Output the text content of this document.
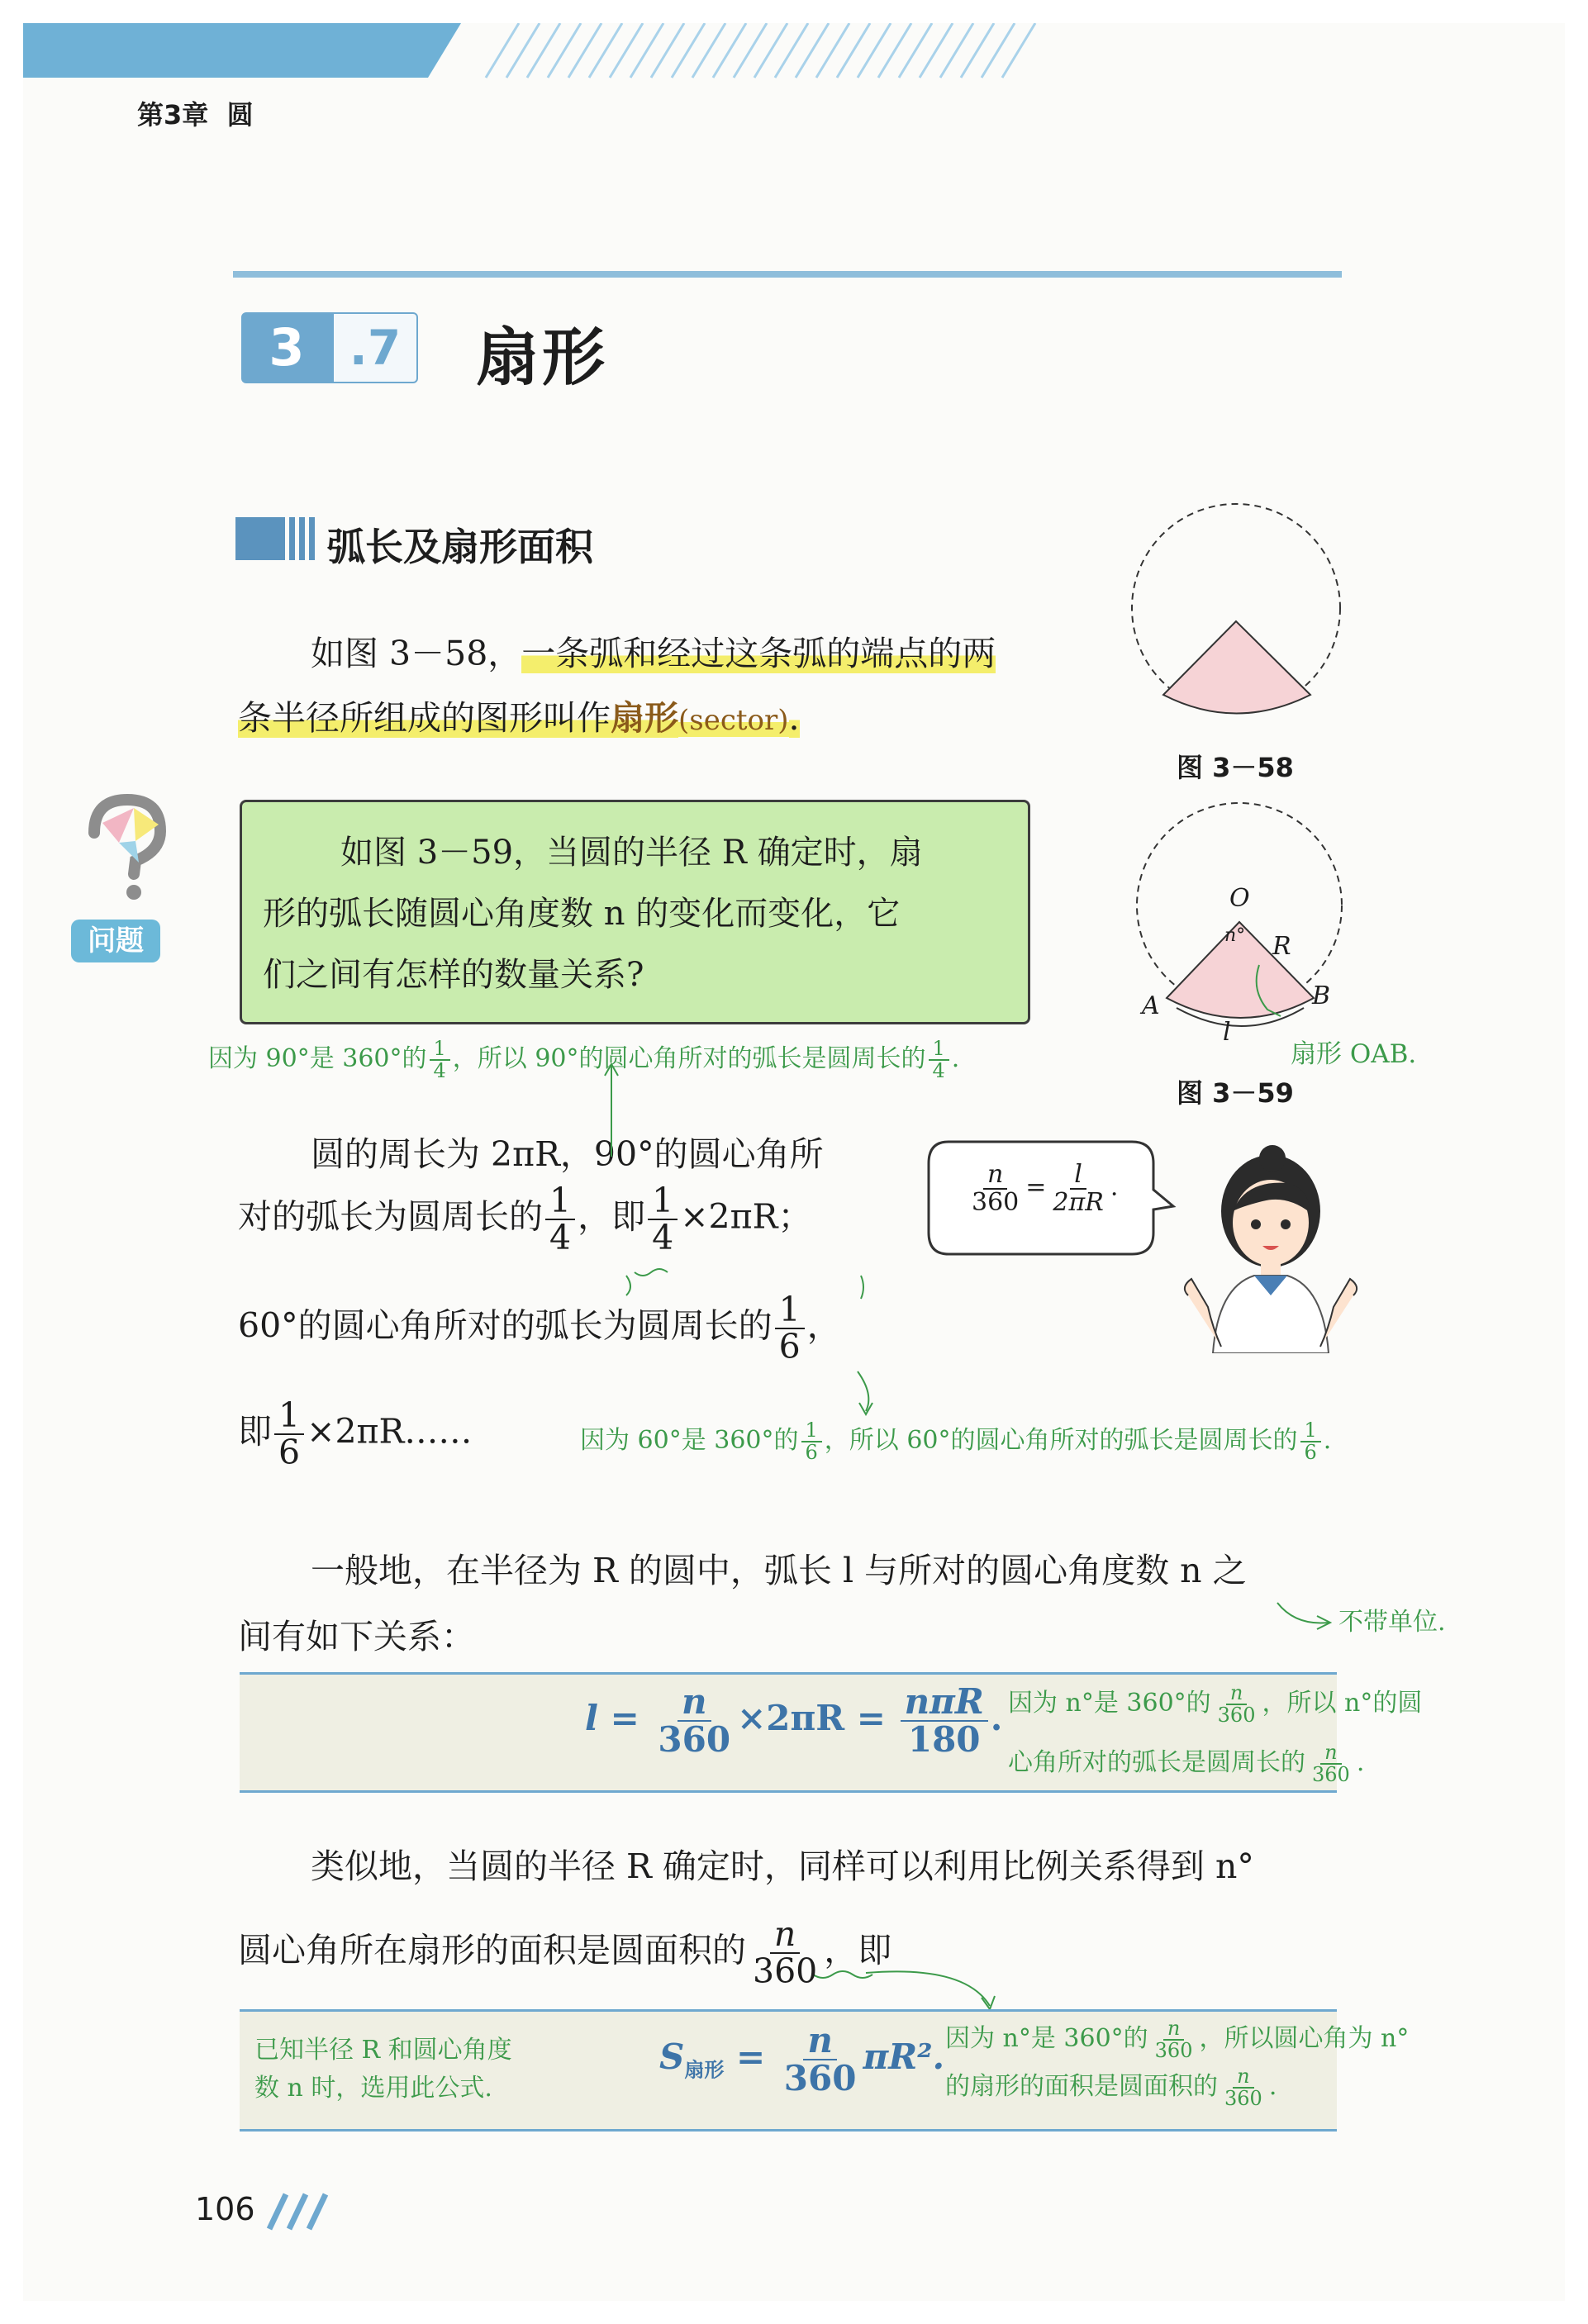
第3章 圆
3 .7 扇形
弧长及扇形面积
如图 3－58，一条弧和经过这条弧的端点的两
条半径所组成的图形叫作扇形(sector).
图 3－58
问题
如图 3－59，当圆的半径 R 确定时，扇
形的弧长随圆心角度数 n 的变化而变化，它
们之间有怎样的数量关系?
O
n° R
A	B
l
扇形 OAB.
图 3－59
因为 90°是 360°的 $\frac{1}{4}$ ，所以 90°的圆心角所对的弧长是圆周长的 $\frac{1}{4}$ .
圆的周长为 2πR，90°的圆心角所
对的弧长为圆周长的 $\frac{1}{4}$ ，即 $\frac{1}{4} \times 2\pi R$；
$\frac{n}{360} = \frac{l}{2\pi R}$ .
60°的圆心角所对的弧长为圆周长的 $\frac{1}{6}$ ，
即 $\frac{1}{6}$ ×2πR……	因为 60°是 360°的 $\frac{1}{6}$ ，所以 60°的圆心角所对的弧长是圆周长的 $\frac{1}{6}$ .
一般地，在半径为 R 的圆中，弧长 l 与所对的圆心角度数 n 之
不带单位.
间有如下关系：
$l = \frac{n}{360} \times 2\pi R = \frac{\text{nπR}}{180}$ . 因为 n°是 360°的 $\frac{n}{360}$ ，所以 n°的圆
心角所对的弧长是圆周长的 $\frac{n}{360}$ .
类似地，当圆的半径 R 确定时，同样可以利用比例关系得到 n°
圆心角所在扇形的面积是圆面积的 $\frac{n}{360}$ ，即
已知半径 R 和圆心角度
数 n 时，选用此公式.
$S_{扇形} = \frac{n}{360} \pi R^2$. 因为 n°是 360°的 $\frac{n}{360}$ ，所以圆心角为 n°
的扇形的面积是圆面积的 $\frac{n}{360}$ .
106
